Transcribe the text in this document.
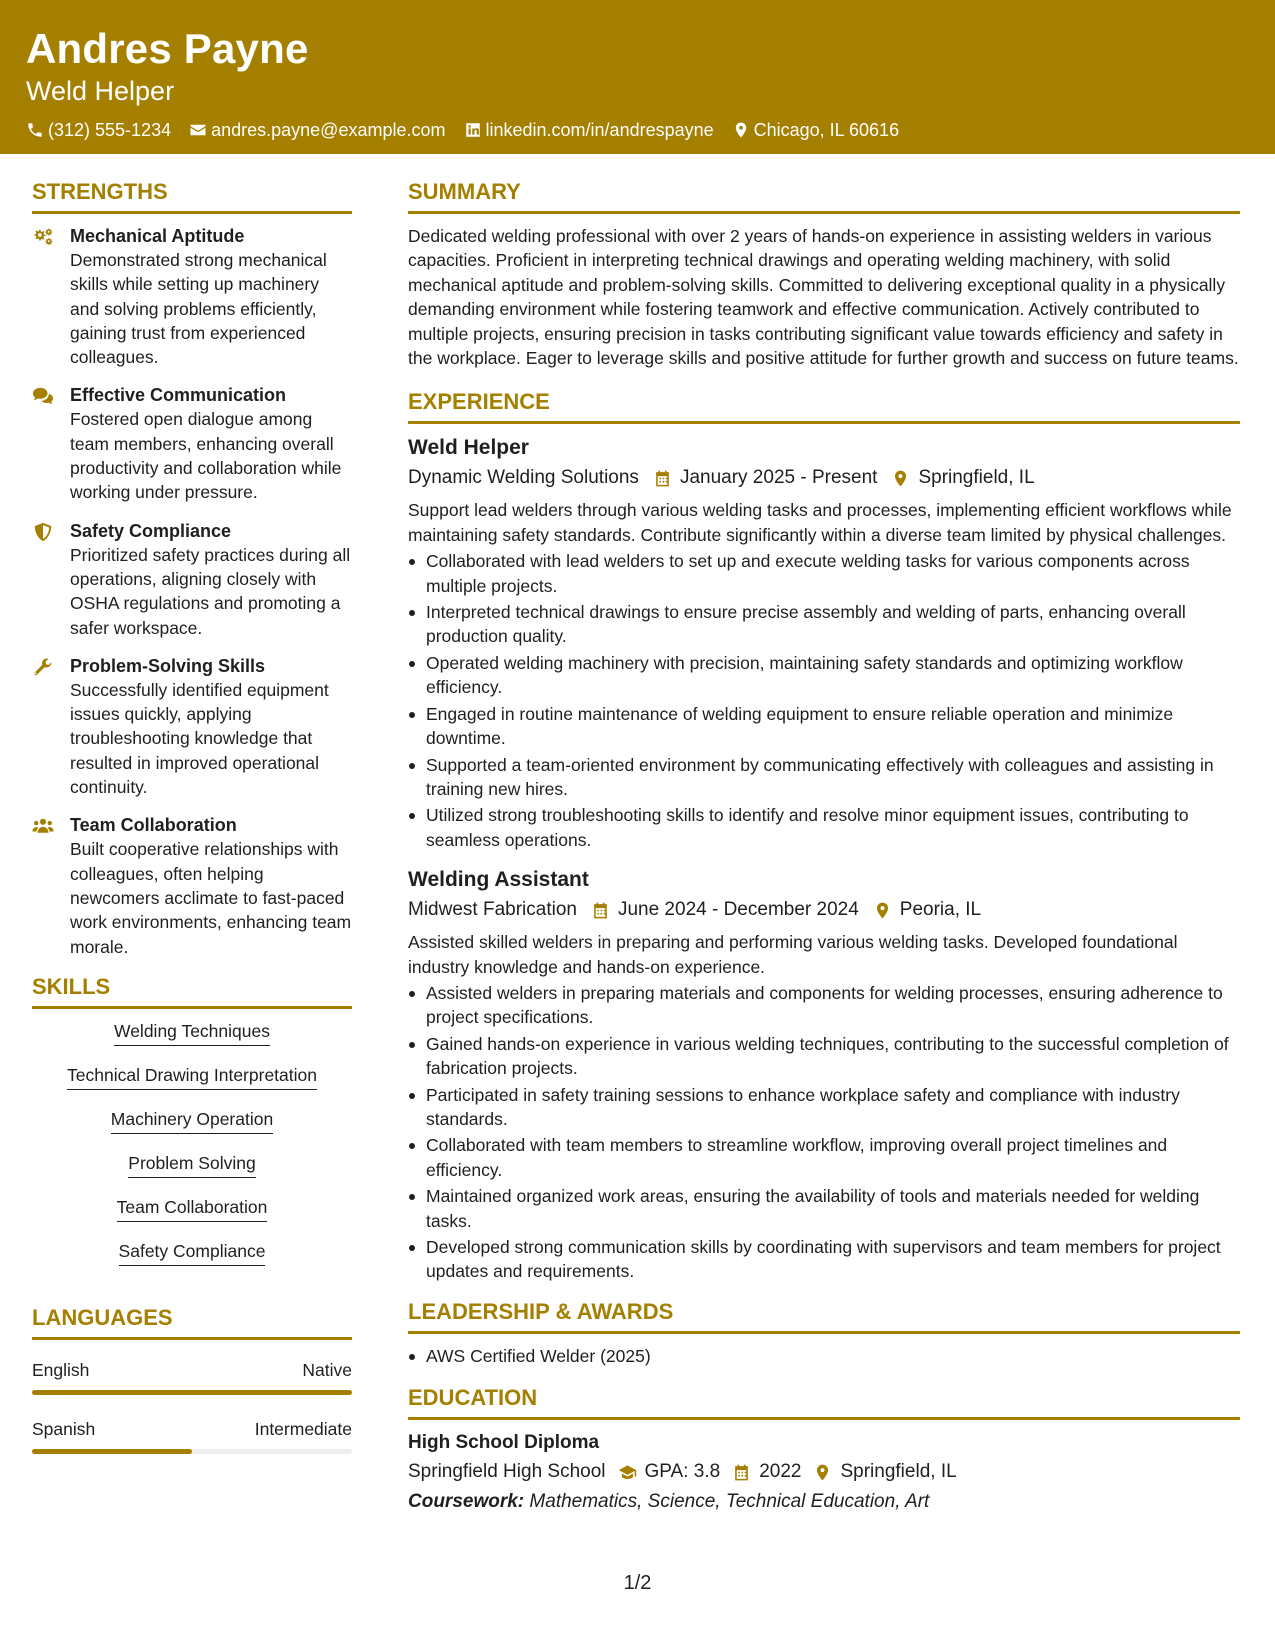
Andres Payne
Weld Helper
(312) 555-1234 andres.payne@example.com linkedin.com/in/andrespayne Chicago, IL 60616
STRENGTHS
Mechanical Aptitude
Demonstrated strong mechanical skills while setting up machinery and solving problems efficiently, gaining trust from experienced colleagues.
Effective Communication
Fostered open dialogue among team members, enhancing overall productivity and collaboration while working under pressure.
Safety Compliance
Prioritized safety practices during all operations, aligning closely with OSHA regulations and promoting a safer workspace.
Problem-Solving Skills
Successfully identified equipment issues quickly, applying troubleshooting knowledge that resulted in improved operational continuity.
Team Collaboration
Built cooperative relationships with colleagues, often helping newcomers acclimate to fast-paced work environments, enhancing team morale.
SKILLS
Welding Techniques
Technical Drawing Interpretation
Machinery Operation
Problem Solving
Team Collaboration
Safety Compliance
LANGUAGES
English	Native
Spanish	Intermediate
SUMMARY
Dedicated welding professional with over 2 years of hands-on experience in assisting welders in various capacities. Proficient in interpreting technical drawings and operating welding machinery, with solid mechanical aptitude and problem-solving skills. Committed to delivering exceptional quality in a physically demanding environment while fostering teamwork and effective communication. Actively contributed to multiple projects, ensuring precision in tasks contributing significant value towards efficiency and safety in the workplace. Eager to leverage skills and positive attitude for further growth and success on future teams.
EXPERIENCE
Weld Helper
Dynamic Welding Solutions January 2025 - Present Springfield, IL
Support lead welders through various welding tasks and processes, implementing efficient workflows while maintaining safety standards. Contribute significantly within a diverse team limited by physical challenges.
Collaborated with lead welders to set up and execute welding tasks for various components across multiple projects.
Interpreted technical drawings to ensure precise assembly and welding of parts, enhancing overall production quality.
Operated welding machinery with precision, maintaining safety standards and optimizing workflow efficiency.
Engaged in routine maintenance of welding equipment to ensure reliable operation and minimize downtime.
Supported a team-oriented environment by communicating effectively with colleagues and assisting in training new hires.
Utilized strong troubleshooting skills to identify and resolve minor equipment issues, contributing to seamless operations.
Welding Assistant
Midwest Fabrication June 2024 - December 2024 Peoria, IL
Assisted skilled welders in preparing and performing various welding tasks. Developed foundational industry knowledge and hands-on experience.
Assisted welders in preparing materials and components for welding processes, ensuring adherence to project specifications.
Gained hands-on experience in various welding techniques, contributing to the successful completion of fabrication projects.
Participated in safety training sessions to enhance workplace safety and compliance with industry standards.
Collaborated with team members to streamline workflow, improving overall project timelines and efficiency.
Maintained organized work areas, ensuring the availability of tools and materials needed for welding tasks.
Developed strong communication skills by coordinating with supervisors and team members for project updates and requirements.
LEADERSHIP & AWARDS
AWS Certified Welder (2025)
EDUCATION
High School Diploma
Springfield High School GPA: 3.8 2022 Springfield, IL
Coursework: Mathematics, Science, Technical Education, Art
1/2
